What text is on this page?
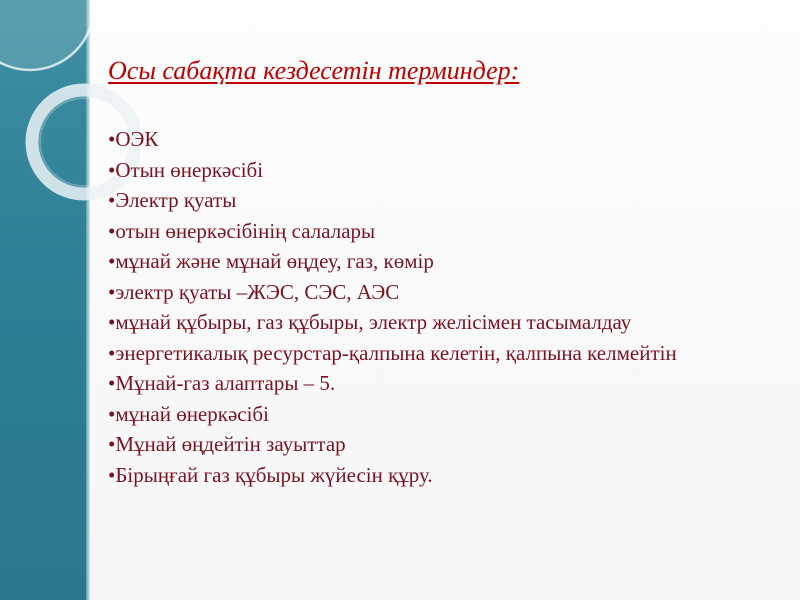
Осы сабақта кездесетін терминдер:
•ОЭК
•Отын өнеркәсібі
•Электр қуаты
•отын өнеркәсібінің салалары
•мұнай және мұнай өңдеу, газ, көмір
•электр қуаты –ЖЭС, СЭС, АЭС
•мұнай құбыры, газ құбыры, электр желісімен тасымалдау
•энергетикалық ресурстар-қалпына келетін, қалпына келмейтін
•Мұнай-газ алаптары – 5.
•мұнай өнеркәсібі
•Мұнай өңдейтін зауыттар
•Бірыңғай газ құбыры жүйесін құру.
